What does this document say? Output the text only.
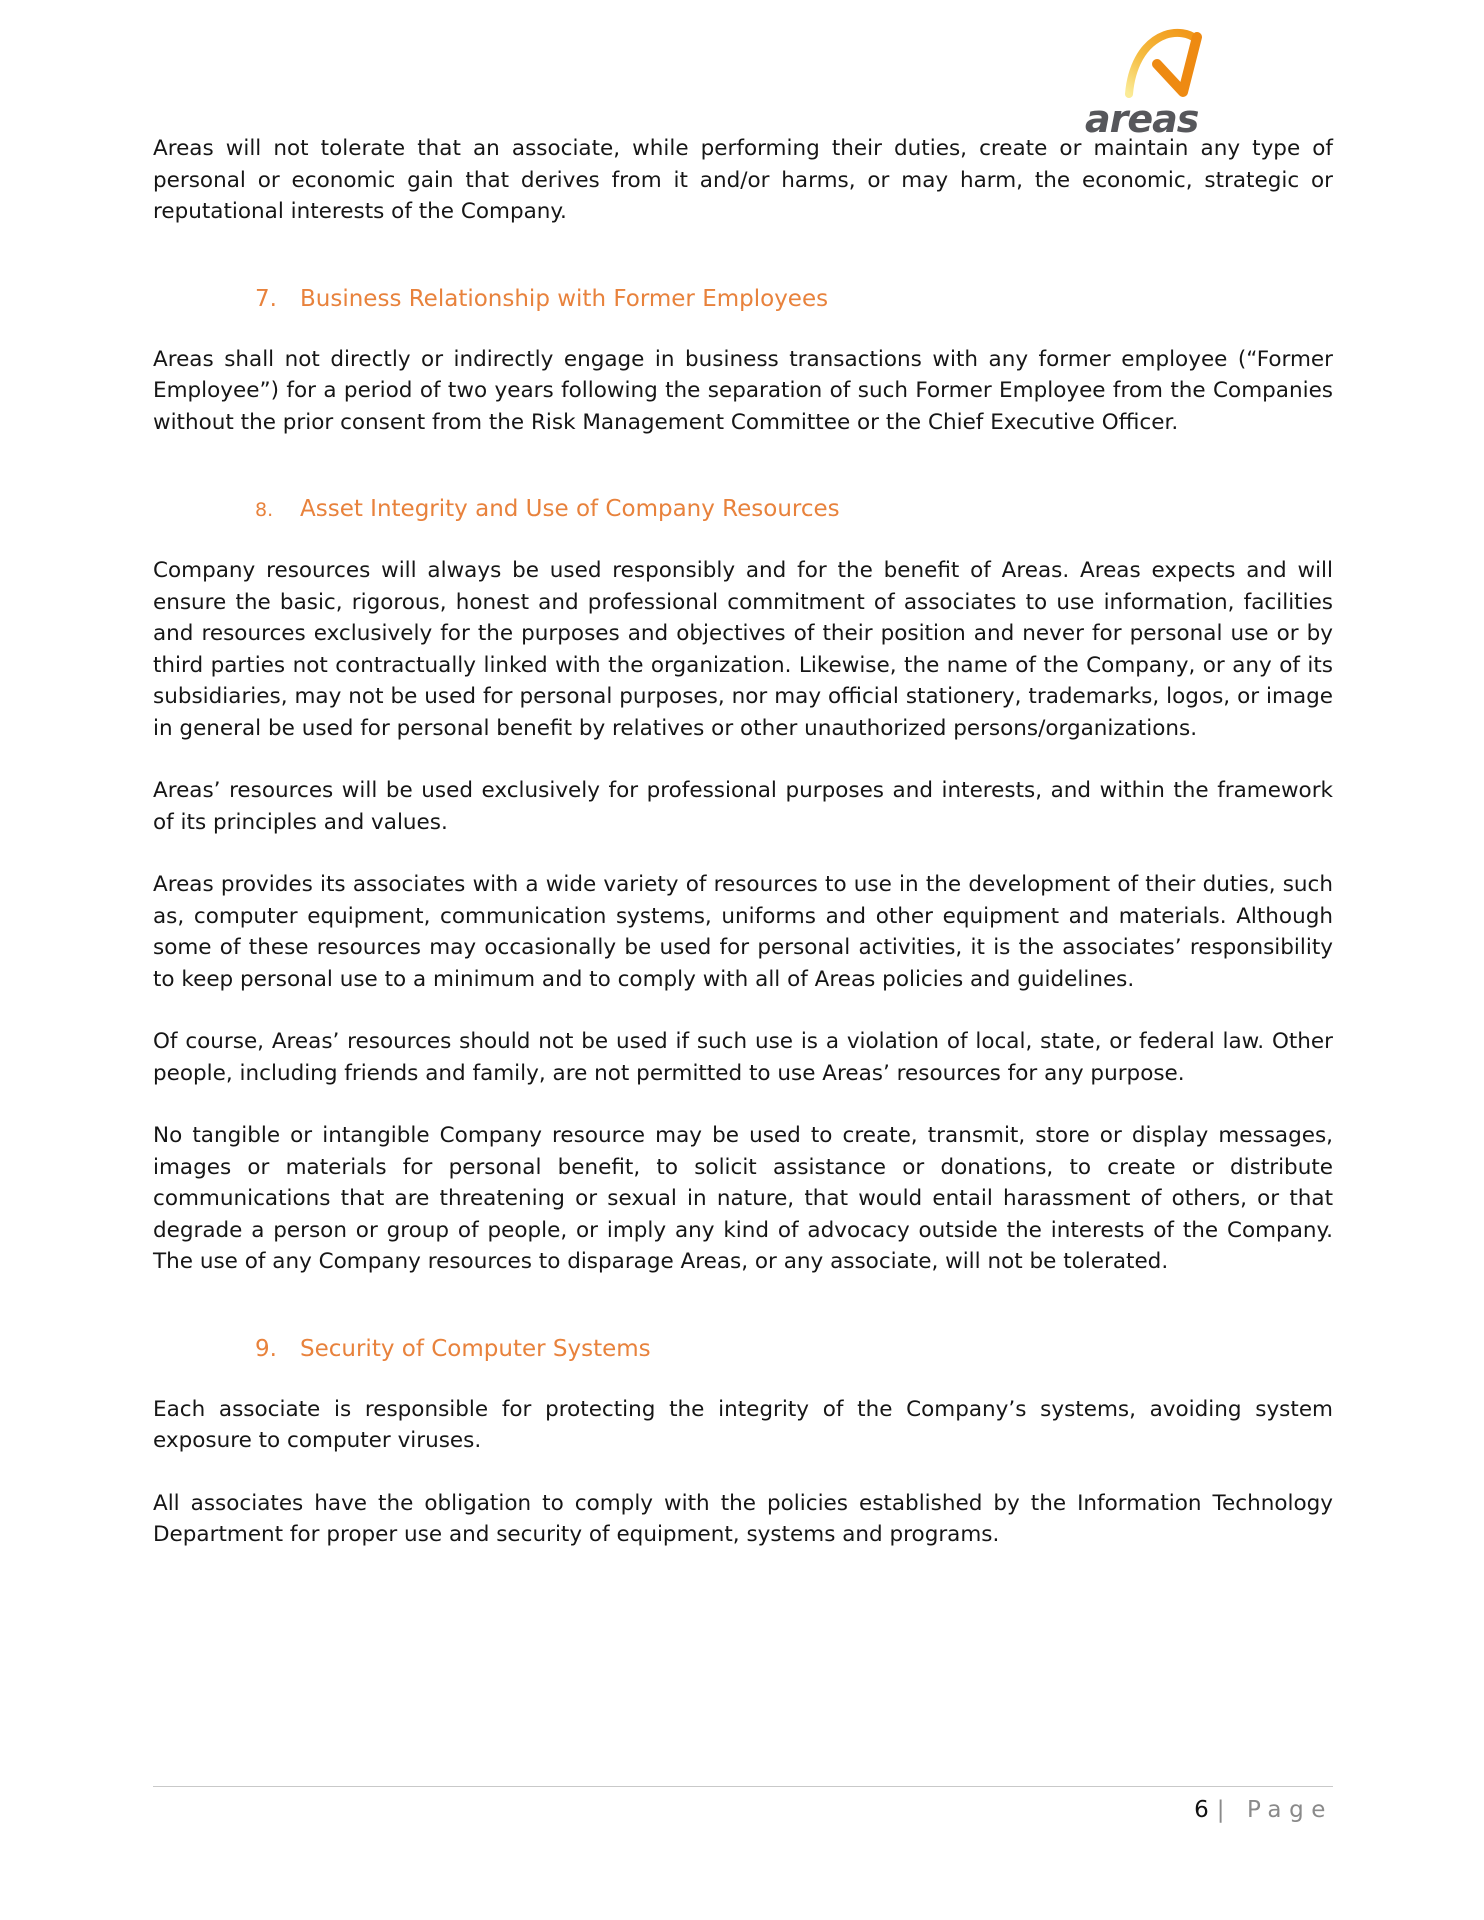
areas

Areas will not tolerate that an associate, while performing their duties, create or maintain any type of personal or economic gain that derives from it and/or harms, or may harm, the economic, strategic or reputational interests of the Company.

7. Business Relationship with Former Employees

Areas shall not directly or indirectly engage in business transactions with any former employee (“Former Employee”) for a period of two years following the separation of such Former Employee from the Companies without the prior consent from the Risk Management Committee or the Chief Executive Officer.

8. Asset Integrity and Use of Company Resources

Company resources will always be used responsibly and for the benefit of Areas. Areas expects and will ensure the basic, rigorous, honest and professional commitment of associates to use information, facilities and resources exclusively for the purposes and objectives of their position and never for personal use or by third parties not contractually linked with the organization. Likewise, the name of the Company, or any of its subsidiaries, may not be used for personal purposes, nor may official stationery, trademarks, logos, or image in general be used for personal benefit by relatives or other unauthorized persons/organizations.

Areas’ resources will be used exclusively for professional purposes and interests, and within the framework of its principles and values.

Areas provides its associates with a wide variety of resources to use in the development of their duties, such as, computer equipment, communication systems, uniforms and other equipment and materials. Although some of these resources may occasionally be used for personal activities, it is the associates’ responsibility to keep personal use to a minimum and to comply with all of Areas policies and guidelines.

Of course, Areas’ resources should not be used if such use is a violation of local, state, or federal law. Other people, including friends and family, are not permitted to use Areas’ resources for any purpose.

No tangible or intangible Company resource may be used to create, transmit, store or display messages, images or materials for personal benefit, to solicit assistance or donations, to create or distribute communications that are threatening or sexual in nature, that would entail harassment of others, or that degrade a person or group of people, or imply any kind of advocacy outside the interests of the Company. The use of any Company resources to disparage Areas, or any associate, will not be tolerated.

9. Security of Computer Systems

Each associate is responsible for protecting the integrity of the Company’s systems, avoiding system exposure to computer viruses.

All associates have the obligation to comply with the policies established by the Information Technology Department for proper use and security of equipment, systems and programs.

6 | Page
